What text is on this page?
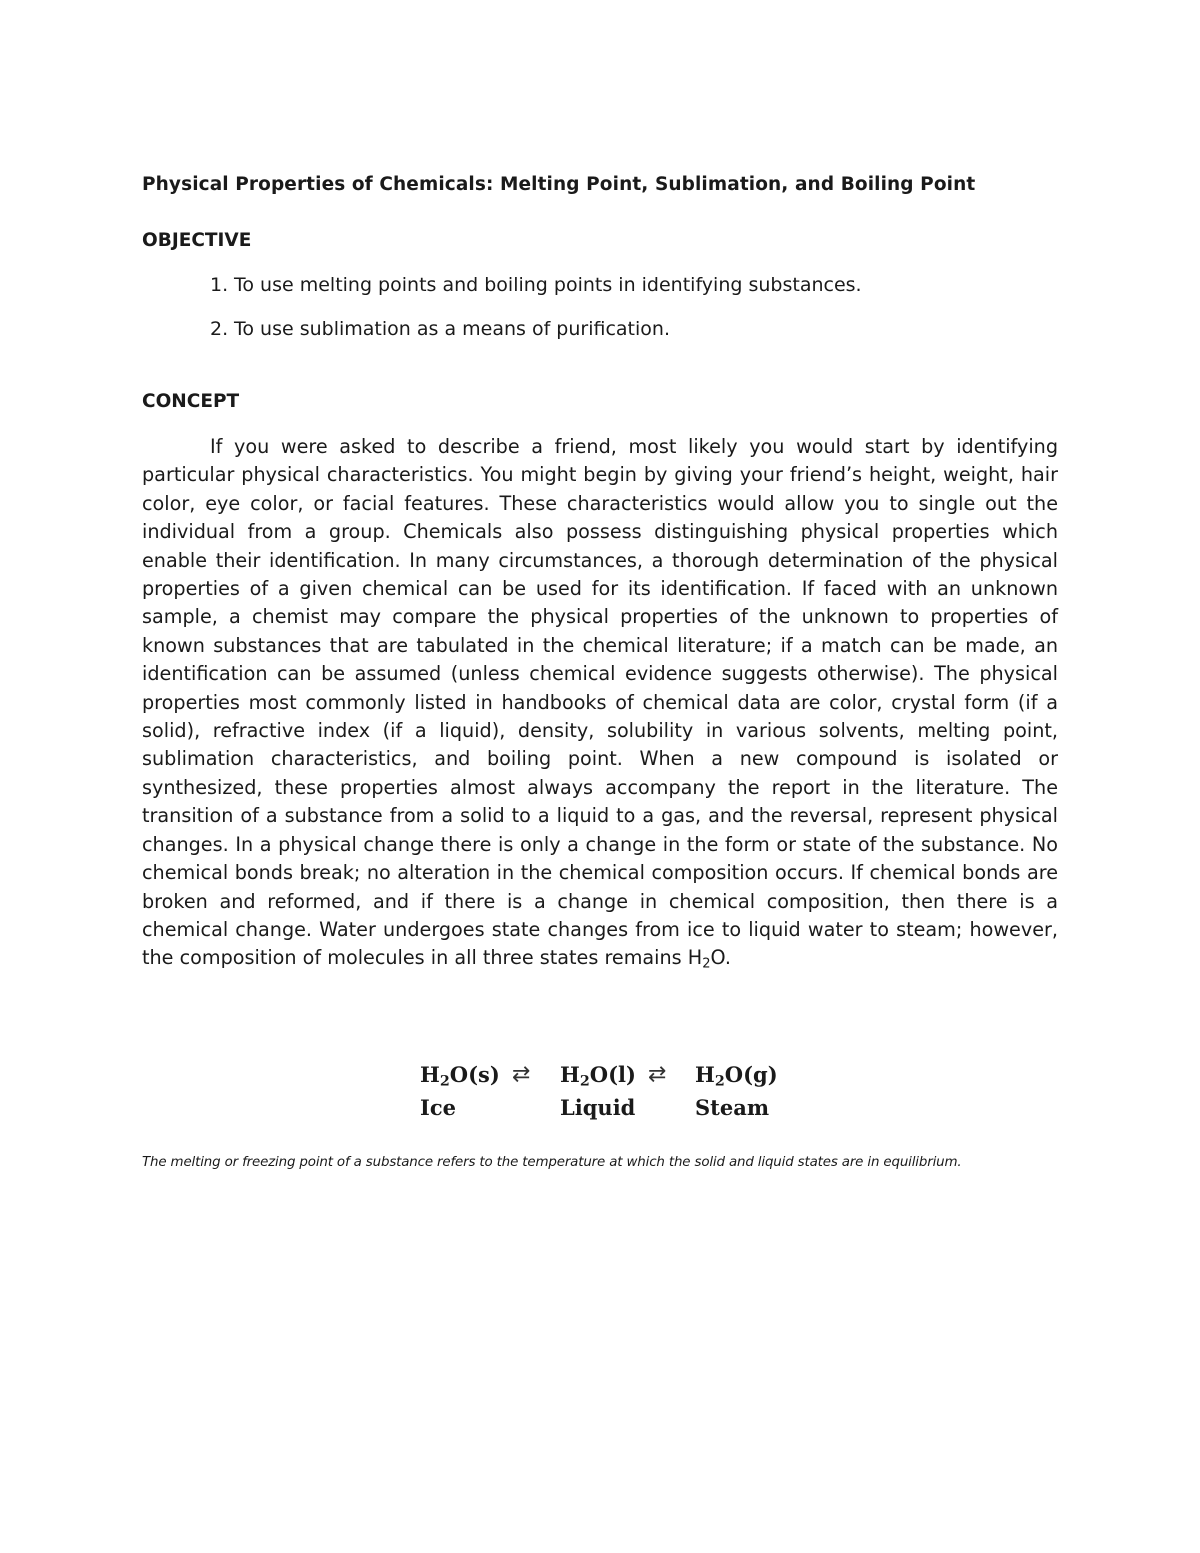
Physical Properties of Chemicals: Melting Point, Sublimation, and Boiling Point
OBJECTIVE
1. To use melting points and boiling points in identifying substances.
2. To use sublimation as a means of purification.
CONCEPT

If you were asked to describe a friend, most likely you would start by identifying particular physical characteristics. You might begin by giving your friend’s height, weight, hair color, eye color, or facial features. These characteristics would allow you to single out the individual from a group. Chemicals also possess distinguishing physical properties which enable their identification. In many circumstances, a thorough determination of the physical properties of a given chemical can be used for its identification. If faced with an unknown sample, a chemist may compare the physical properties of the unknown to properties of known substances that are tabulated in the chemical literature; if a match can be made, an identification can be assumed (unless chemical evidence suggests otherwise). The physical properties most commonly listed in handbooks of chemical data are color, crystal form (if a solid), refractive index (if a liquid), density, solubility in various solvents, melting point, sublimation characteristics, and boiling point. When a new compound is isolated or synthesized, these properties almost always accompany the report in the literature. The transition of a substance from a solid to a liquid to a gas, and the reversal, represent physical changes. In a physical change there is only a change in the form or state of the substance. No chemical bonds break; no alteration in the chemical composition occurs. If chemical bonds are broken and reformed, and if there is a change in chemical composition, then there is a chemical change. Water undergoes state changes from ice to liquid water to steam; however, the composition of molecules in all three states remains $H_2O$.

$H_2O(s)$ ⇄ $H_2O(l)$ ⇄ $H_2O(g)$
Ice	Liquid	Steam
The melting or freezing point of a substance refers to the temperature at which the solid and liquid states are in equilibrium.
